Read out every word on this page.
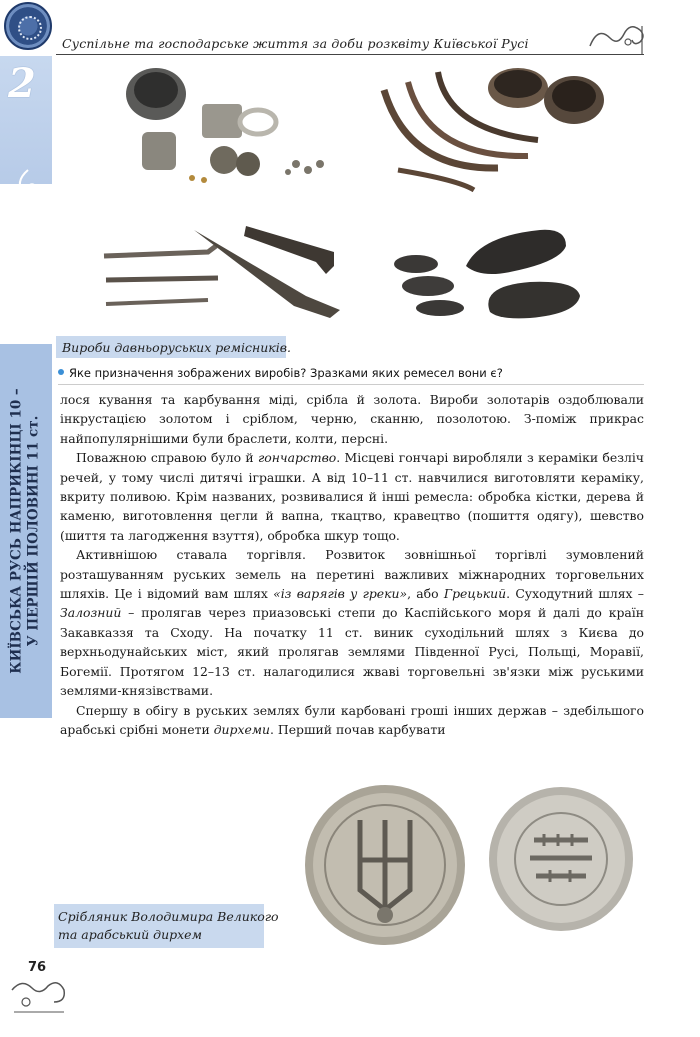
Суспільне та господарське життя за доби розквіту Київської Русі
2
Вироби давньоруських ремісників.
Яке призначення зображених виробів? Зразками яких ремесел вони є?
КИЇВСЬКА РУСЬ НАПРИКІНЦІ 10 – У ПЕРШІЙ ПОЛОВИНІ 11 ст.

лося кування та карбування міді, срібла й золота. Вироби золотарів оздоблювали інкрустацією золотом і сріблом, черню, сканню, позолотою. З-поміж прикрас найпопулярнішими були браслети, колти, персні.

Поважною справою було й гончарство. Місцеві гончарі виробляли з кераміки безліч речей, у тому числі дитячі іграшки. А від 10–11 ст. навчилися виготовляти кераміку, вкриту поливою. Крім названих, розвивалися й інші ремесла: обробка кістки, дерева й каменю, виготовлення цегли й вапна, ткацтво, кравецтво (пошиття одягу), шевство (шиття та лагодження взуття), обробка шкур тощо.

Активнішою ставала торгівля. Розвиток зовнішньої торгівлі зумовлений розташуванням руських земель на перетині важливих міжнародних торговельних шляхів. Це і відомий вам шлях «із варягів у греки», або Грецький. Суходутний шлях – Залозний – пролягав через приазовські степи до Каспійського моря й далі до країн Закавказзя та Сходу. На початку 11 ст. виник суходільний шлях з Києва до верхньодунайських міст, який пролягав землями Південної Русі, Польщі, Моравії, Богемії. Протягом 12–13 ст. налагодилися жваві торговельні зв'язки між руськими землями-князівствами.

Спершу в обігу в руських землях були карбовані гроші інших держав – здебільшого арабські срібні монети дирхеми. Перший почав карбувати

Срібляник Володимира Великого та арабський дирхем
76
